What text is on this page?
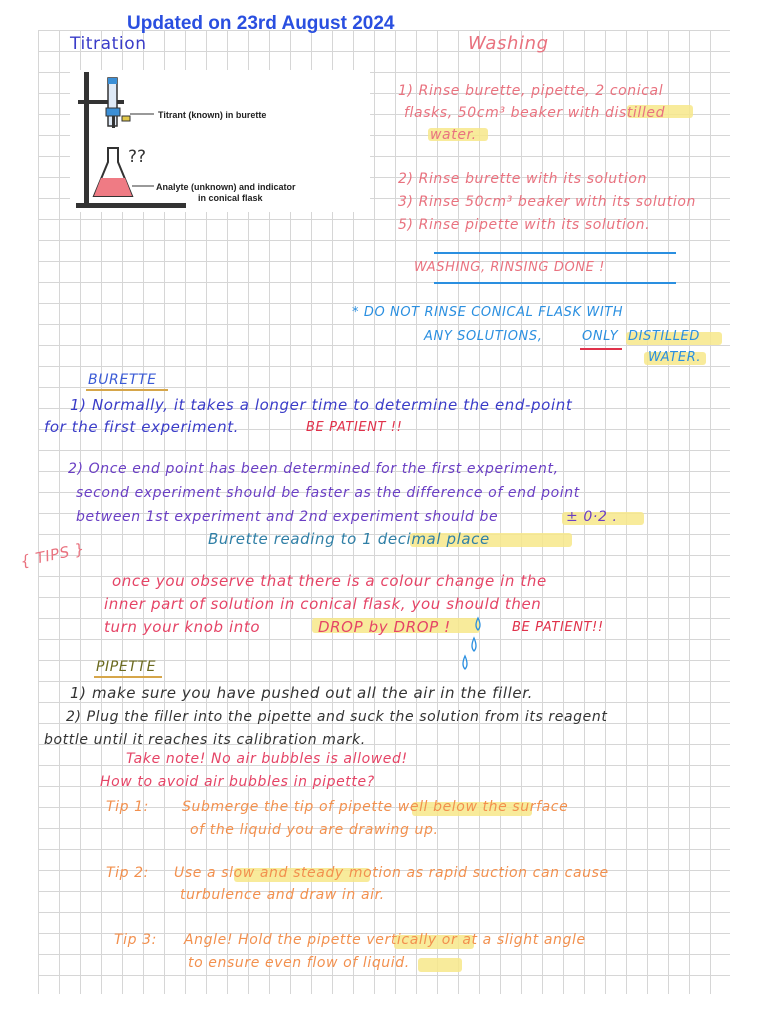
Updated on 23rd August 2024
Titration
??
Titrant (known) in burette
Analyte (unknown) and indicator
in conical flask
Washing
1) Rinse burette, pipette, 2 conical
flasks, 50cm³ beaker with distilled
water.
2) Rinse burette with its solution
3) Rinse 50cm³ beaker with its solution
5) Rinse pipette with its solution.
WASHING, RINSING DONE !
* DO NOT RINSE CONICAL FLASK WITH
ANY SOLUTIONS,	ONLY DISTILLED
WATER.
BURETTE
1) Normally, it takes a longer time to determine the end-point
for the first experiment.	BE PATIENT !!
2) Once end point has been determined for the first experiment,
second experiment should be faster as the difference of end point
between 1st experiment and 2nd experiment should be	± 0·2 .
Burette reading to 1 decimal place
{ TIPS }
once you observe that there is a colour change in the
inner part of solution in conical flask, you should then
turn your knob into	DROP by DROP !	BE PATIENT!!
PIPETTE
1) make sure you have pushed out all the air in the filler.
2) Plug the filler into the pipette and suck the solution from its reagent
bottle until it reaches its calibration mark.
Take note! No air bubbles is allowed!
How to avoid air bubbles in pipette?
Tip 1: Submerge the tip of pipette well below the surface
of the liquid you are drawing up.
Tip 2: Use a slow and steady motion as rapid suction can cause
turbulence and draw in air.
Tip 3: Angle! Hold the pipette vertically or at a slight angle
to ensure even flow of liquid.
